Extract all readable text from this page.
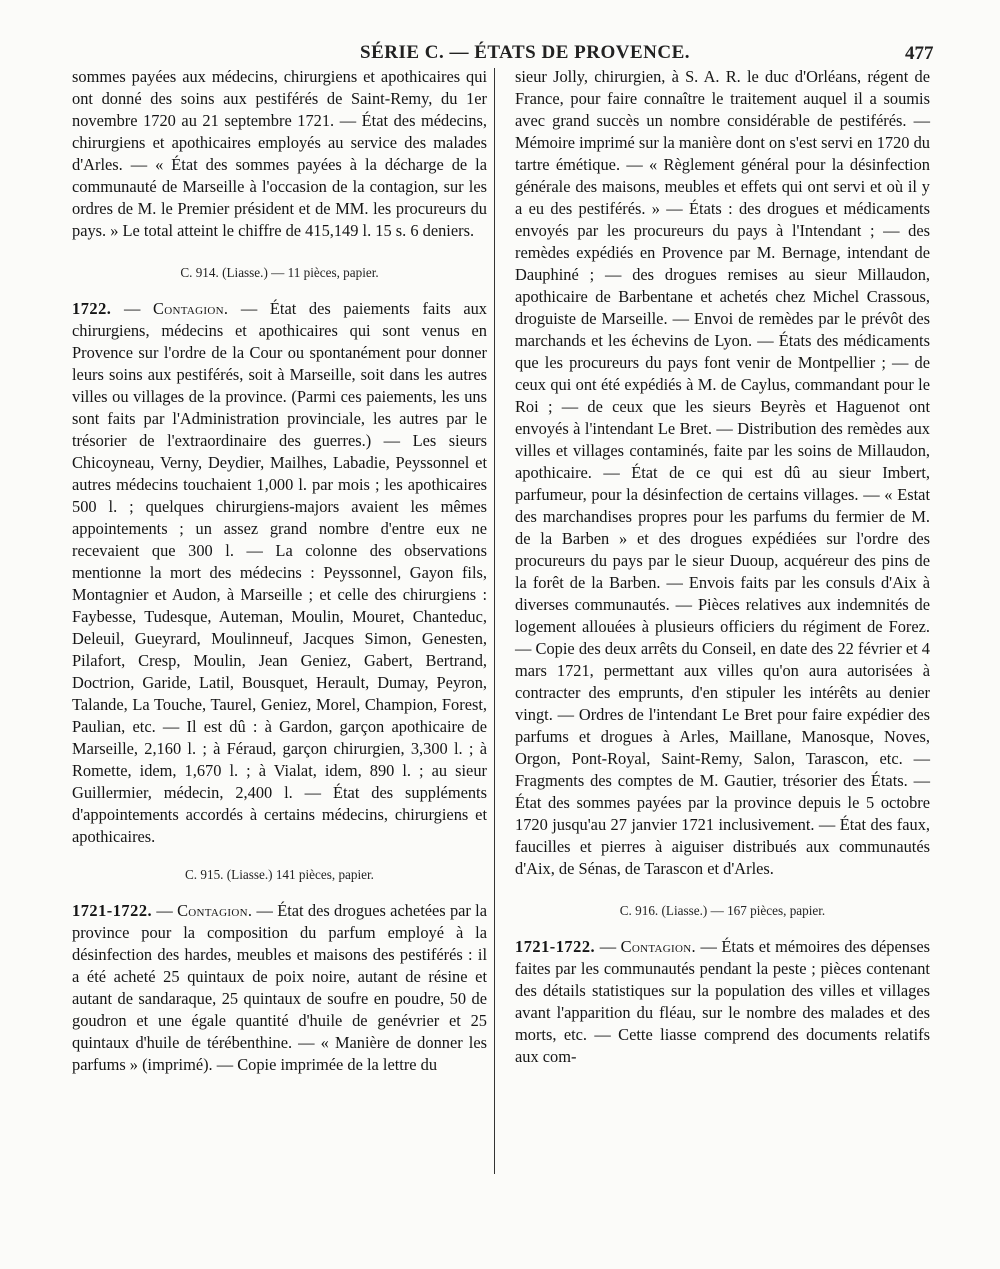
SÉRIE C. — ÉTATS DE PROVENCE.	477

sommes payées aux médecins, chirurgiens et apothicaires qui ont donné des soins aux pestiférés de Saint-Remy, du 1er novembre 1720 au 21 septembre 1721. — État des médecins, chirurgiens et apothicaires employés au service des malades d'Arles. — « État des sommes payées à la décharge de la communauté de Marseille à l'occasion de la contagion, sur les ordres de M. le Premier président et de MM. les procureurs du pays. » Le total atteint le chiffre de 415,149 l. 15 s. 6 deniers.

C. 914. (Liasse.) — 11 pièces, papier.

1722. — Contagion. — État des paiements faits aux chirurgiens, médecins et apothicaires qui sont venus en Provence sur l'ordre de la Cour ou spontanément pour donner leurs soins aux pestiférés, soit à Marseille, soit dans les autres villes ou villages de la province. (Parmi ces paiements, les uns sont faits par l'Administration provinciale, les autres par le trésorier de l'extraordinaire des guerres.) — Les sieurs Chicoyneau, Verny, Deydier, Mailhes, Labadie, Peyssonnel et autres médecins touchaient 1,000 l. par mois ; les apothicaires 500 l. ; quelques chirurgiens-majors avaient les mêmes appointements ; un assez grand nombre d'entre eux ne recevaient que 300 l. — La colonne des observations mentionne la mort des médecins : Peyssonnel, Gayon fils, Montagnier et Audon, à Marseille ; et celle des chirurgiens : Faybesse, Tudesque, Auteman, Moulin, Mouret, Chanteduc, Deleuil, Gueyrard, Moulinneuf, Jacques Simon, Genesten, Pilafort, Cresp, Moulin, Jean Geniez, Gabert, Bertrand, Doctrion, Garide, Latil, Bousquet, Herault, Dumay, Peyron, Talande, La Touche, Taurel, Geniez, Morel, Champion, Forest, Paulian, etc. — Il est dû : à Gardon, garçon apothicaire de Marseille, 2,160 l. ; à Féraud, garçon chirurgien, 3,300 l. ; à Romette, idem, 1,670 l. ; à Vialat, idem, 890 l. ; au sieur Guillermier, médecin, 2,400 l. — État des suppléments d'appointements accordés à certains médecins, chirurgiens et apothicaires.

C. 915. (Liasse.) 141 pièces, papier.

1721-1722. — Contagion. — État des drogues achetées par la province pour la composition du parfum employé à la désinfection des hardes, meubles et maisons des pestiférés : il a été acheté 25 quintaux de poix noire, autant de résine et autant de sandaraque, 25 quintaux de soufre en poudre, 50 de goudron et une égale quantité d'huile de genévrier et 25 quintaux d'huile de térébenthine. — « Manière de donner les parfums » (imprimé). — Copie imprimée de la lettre du

sieur Jolly, chirurgien, à S. A. R. le duc d'Orléans, régent de France, pour faire connaître le traitement auquel il a soumis avec grand succès un nombre considérable de pestiférés. — Mémoire imprimé sur la manière dont on s'est servi en 1720 du tartre émétique. — « Règlement général pour la désinfection générale des maisons, meubles et effets qui ont servi et où il y a eu des pestiférés. » — États : des drogues et médicaments envoyés par les procureurs du pays à l'Intendant ; — des remèdes expédiés en Provence par M. Bernage, intendant de Dauphiné ; — des drogues remises au sieur Millaudon, apothicaire de Barbentane et achetés chez Michel Crassous, droguiste de Marseille. — Envoi de remèdes par le prévôt des marchands et les échevins de Lyon. — États des médicaments que les procureurs du pays font venir de Montpellier ; — de ceux qui ont été expédiés à M. de Caylus, commandant pour le Roi ; — de ceux que les sieurs Beyrès et Haguenot ont envoyés à l'intendant Le Bret. — Distribution des remèdes aux villes et villages contaminés, faite par les soins de Millaudon, apothicaire. — État de ce qui est dû au sieur Imbert, parfumeur, pour la désinfection de certains villages. — « Estat des marchandises propres pour les parfums du fermier de M. de la Barben » et des drogues expédiées sur l'ordre des procureurs du pays par le sieur Duoup, acquéreur des pins de la forêt de la Barben. — Envois faits par les consuls d'Aix à diverses communautés. — Pièces relatives aux indemnités de logement allouées à plusieurs officiers du régiment de Forez. — Copie des deux arrêts du Conseil, en date des 22 février et 4 mars 1721, permettant aux villes qu'on aura autorisées à contracter des emprunts, d'en stipuler les intérêts au denier vingt. — Ordres de l'intendant Le Bret pour faire expédier des parfums et drogues à Arles, Maillane, Manosque, Noves, Orgon, Pont-Royal, Saint-Remy, Salon, Tarascon, etc. — Fragments des comptes de M. Gautier, trésorier des États. — État des sommes payées par la province depuis le 5 octobre 1720 jusqu'au 27 janvier 1721 inclusivement. — État des faux, faucilles et pierres à aiguiser distribués aux communautés d'Aix, de Sénas, de Tarascon et d'Arles.

C. 916. (Liasse.) — 167 pièces, papier.

1721-1722. — Contagion. — États et mémoires des dépenses faites par les communautés pendant la peste ; pièces contenant des détails statistiques sur la population des villes et villages avant l'apparition du fléau, sur le nombre des malades et des morts, etc. — Cette liasse comprend des documents relatifs aux com-
